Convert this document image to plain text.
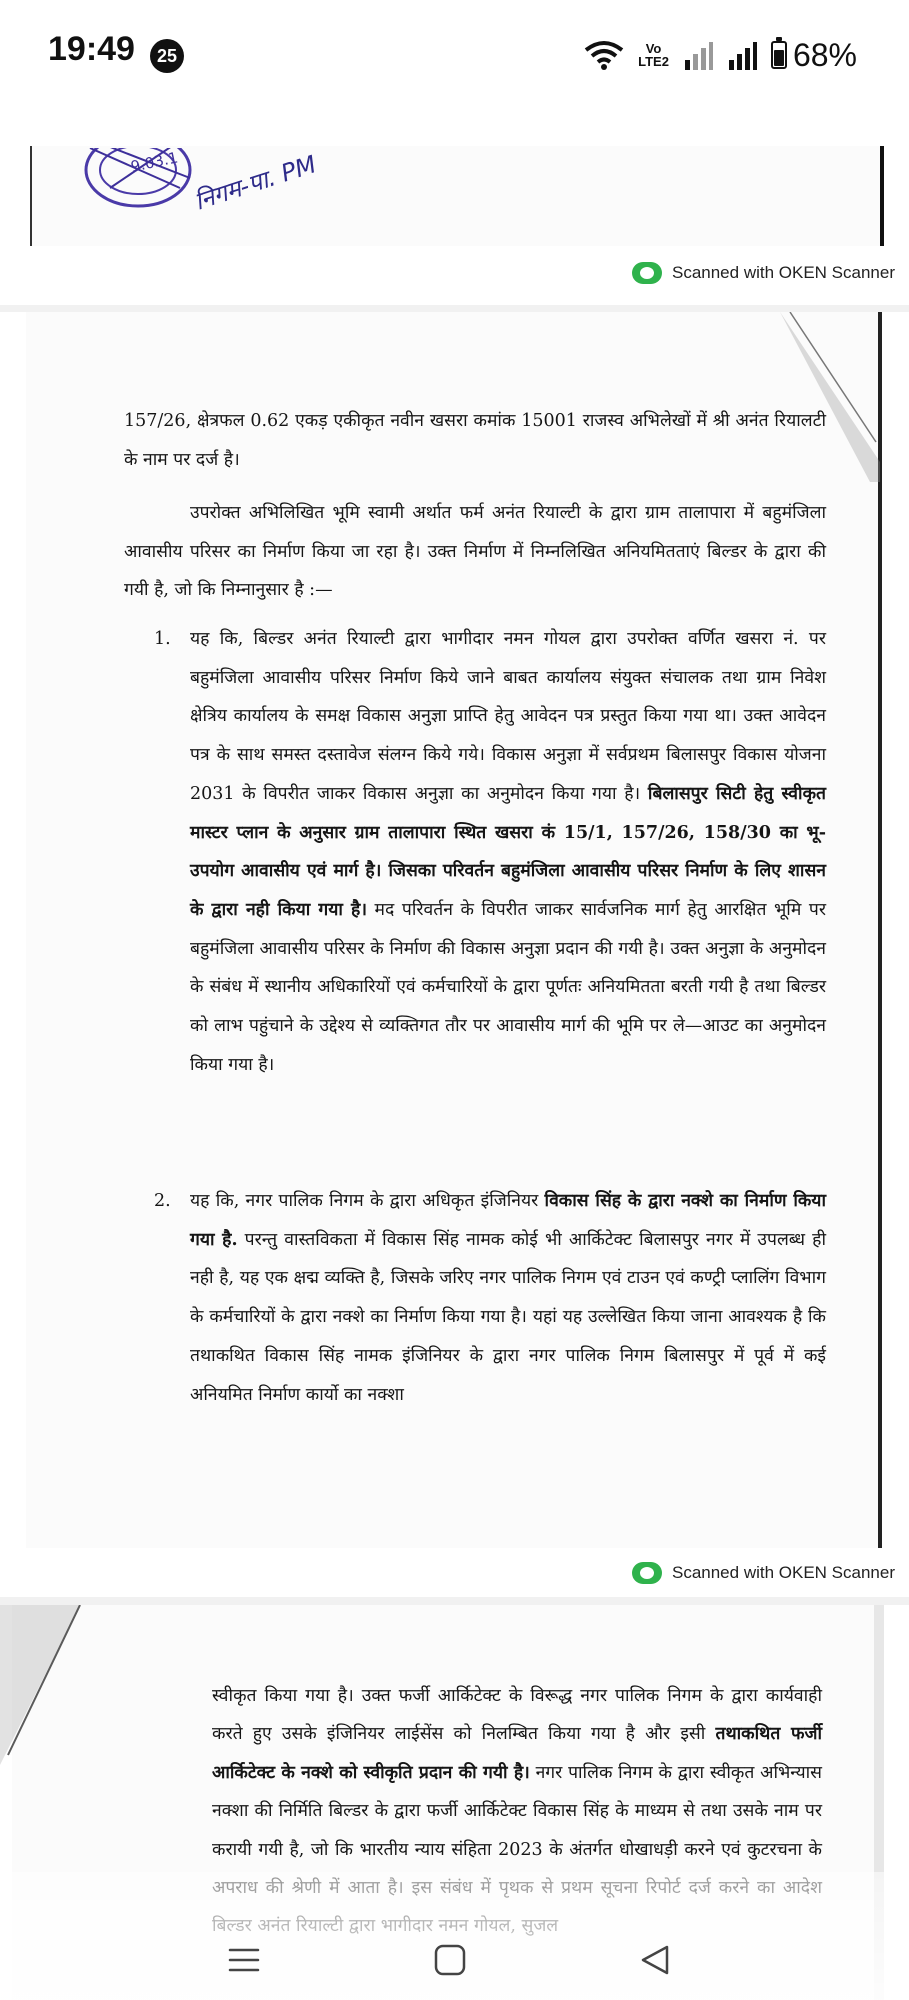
19:49	25	Vo
LTE2	68%
9.03.1 निगम-पा. PM
Scanned with OKEN Scanner
157/26, क्षेत्रफल 0.62 एकड़ एकीकृत नवीन खसरा कमांक 15001 राजस्व अभिलेखों में श्री अनंत रियालटी के नाम पर दर्ज है।
उपरोक्त अभिलिखित भूमि स्वामी अर्थात फर्म अनंत रियाल्टी के द्वारा ग्राम तालापारा में बहुमंजिला आवासीय परिसर का निर्माण किया जा रहा है। उक्त निर्माण में निम्नलिखित अनियमितताएं बिल्डर के द्वारा की गयी है, जो कि निम्नानुसार है :—
1. यह कि, बिल्डर अनंत रियाल्टी द्वारा भागीदार नमन गोयल द्वारा उपरोक्त वर्णित खसरा नं. पर बहुमंजिला आवासीय परिसर निर्माण किये जाने बाबत कार्यालय संयुक्त संचालक तथा ग्राम निवेश क्षेत्रिय कार्यालय के समक्ष विकास अनुज्ञा प्राप्ति हेतु आवेदन पत्र प्रस्तुत किया गया था। उक्त आवेदन पत्र के साथ समस्त दस्तावेज संलग्न किये गये। विकास अनुज्ञा में सर्वप्रथम बिलासपुर विकास योजना 2031 के विपरीत जाकर विकास अनुज्ञा का अनुमोदन किया गया है। बिलासपुर सिटी हेतु स्वीकृत मास्टर प्लान के अनुसार ग्राम तालापारा स्थित खसरा कं 15/1, 157/26, 158/30 का भू- उपयोग आवासीय एवं मार्ग है। जिसका परिवर्तन बहुमंजिला आवासीय परिसर निर्माण के लिए शासन के द्वारा नही किया गया है। मद परिवर्तन के विपरीत जाकर सार्वजनिक मार्ग हेतु आरक्षित भूमि पर बहुमंजिला आवासीय परिसर के निर्माण की विकास अनुज्ञा प्रदान की गयी है। उक्त अनुज्ञा के अनुमोदन के संबंध में स्थानीय अधिकारियों एवं कर्मचारियों के द्वारा पूर्णतः अनियमितता बरती गयी है तथा बिल्डर को लाभ पहुंचाने के उद्देश्य से व्यक्तिगत तौर पर आवासीय मार्ग की भूमि पर ले—आउट का अनुमोदन किया गया है।
2. यह कि, नगर पालिक निगम के द्वारा अधिकृत इंजिनियर विकास सिंह के द्वारा नक्शे का निर्माण किया गया है. परन्तु वास्तविकता में विकास सिंह नामक कोई भी आर्किटेक्ट बिलासपुर नगर में उपलब्ध ही नही है, यह एक क्षद्म व्यक्ति है, जिसके जरिए नगर पालिक निगम एवं टाउन एवं कण्ट्री प्लालिंग विभाग के कर्मचारियों के द्वारा नक्शे का निर्माण किया गया है। यहां यह उल्लेखित किया जाना आवश्यक है कि तथाकथित विकास सिंह नामक इंजिनियर के द्वारा नगर पालिक निगम बिलासपुर में पूर्व में कई अनियमित निर्माण कार्यो का नक्शा
Scanned with OKEN Scanner
स्वीकृत किया गया है। उक्त फर्जी आर्किटेक्ट के विरूद्ध नगर पालिक निगम के द्वारा कार्यवाही करते हुए उसके इंजिनियर लाईसेंस को निलम्बित किया गया है और इसी तथाकथित फर्जी आर्किटेक्ट के नक्शे को स्वीकृति प्रदान की गयी है। नगर पालिक निगम के द्वारा स्वीकृत अभिन्यास नक्शा की निर्मिति बिल्डर के द्वारा फर्जी आर्किटेक्ट विकास सिंह के माध्यम से तथा उसके नाम पर करायी गयी है, जो कि भारतीय न्याय संहिता 2023 के अंतर्गत धोखाधड़ी करने एवं कुटरचना के
